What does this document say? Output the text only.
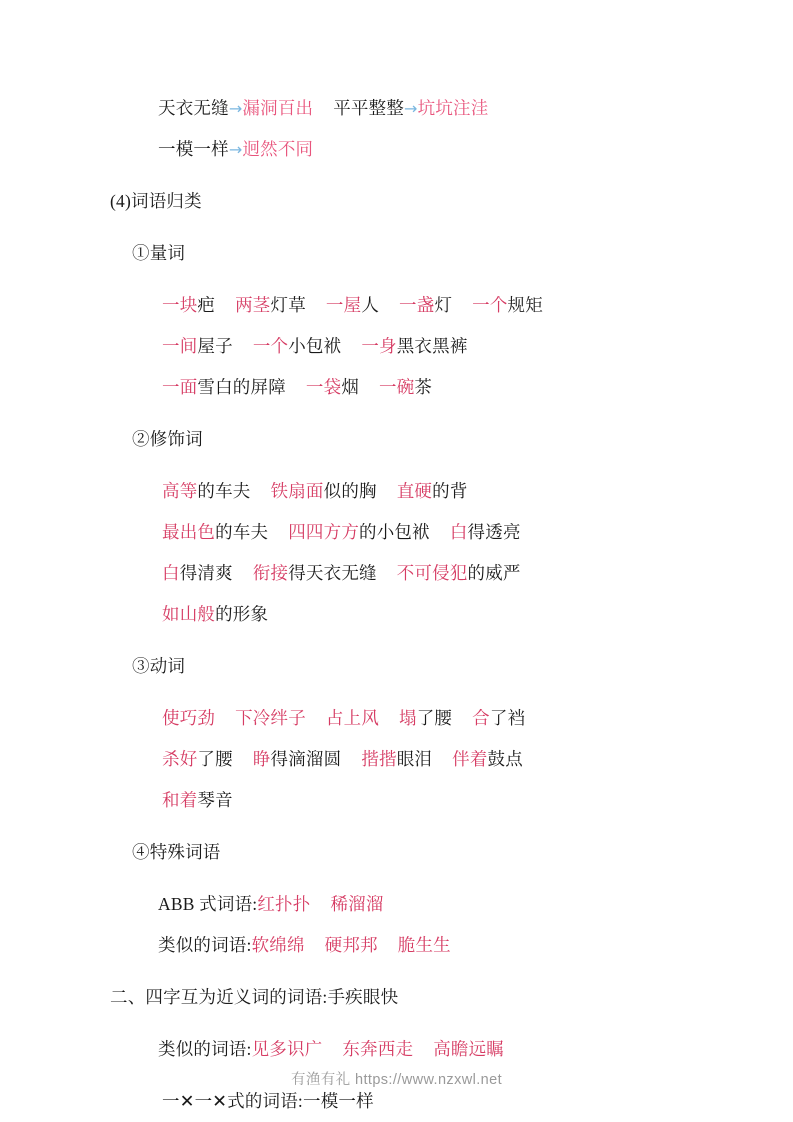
天衣无缝→漏洞百出 平平整整→坑坑注洼
一模一样→迥然不同
(4)词语归类
①量词
一块疤 两茎灯草 一屋人 一盏灯 一个规矩
一间屋子 一个小包袱 一身黑衣黑裤
一面雪白的屏障 一袋烟 一碗茶
②修饰词
高等的车夫 铁扇面似的胸 直硬的背
最出色的车夫 四四方方的小包袱 白得透亮
白得清爽 衔接得天衣无缝 不可侵犯的威严
如山般的形象
③动词
使巧劲 下冷绊子 占上风 塌了腰 合了裆
杀好了腰 睁得滴溜圆 揩揩眼泪 伴着鼓点
和着琴音
④特殊词语
ABB 式词语:红扑扑 稀溜溜
类似的词语:软绵绵 硬邦邦 脆生生
二、四字互为近义词的词语:手疾眼快
类似的词语:见多识广 东奔西走 高瞻远瞩
一✕一✕式的词语:一模一样
有渔有礼 https://www.nzxwl.net
